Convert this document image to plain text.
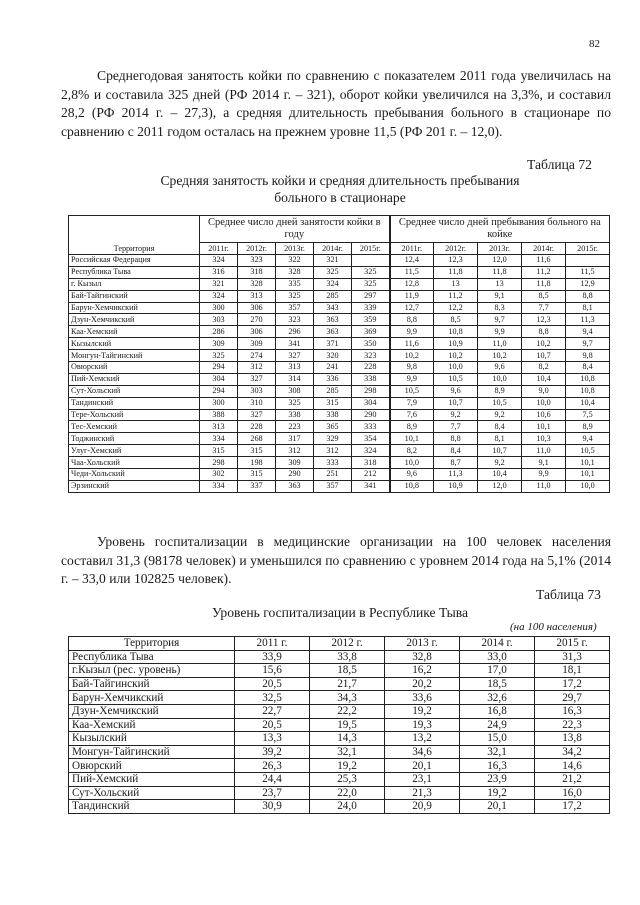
82

Среднегодовая занятость койки по сравнению с показателем 2011 года увеличилась на 2,8% и составила 325 дней (РФ 2014 г. – 321), оборот койки увеличился на 3,3%, и составил 28,2 (РФ 2014 г. – 27,3), а средняя длительность пребывания больного в стационаре по сравнению с 2011 годом осталась на прежнем уровне 11,5 (РФ 201 г. – 12,0).

Таблица 72
Средняя занятость койки и средняя длительность пребывания
больного в стационаре
Территория	Среднее число дней занятости койки в году					Среднее число дней пребывания больного на койке				
	2011г.	2012г.	2013г.	2014г.	2015г.	2011г.	2012г.	2013г.	2014г.	2015г.
Российская Федерация	324	323	322	321		12,4	12,3	12,0	11,6	
Республика Тыва	316	318	328	325	325	11,5	11,8	11,8	11,2	11,5
г. Кызыл	321	328	335	324	325	12,8	13	13	11,8	12,9
Бай-Тайгинский	324	313	325	285	297	11,9	11,2	9,1	8,5	8,8
Барун-Хемчикский	300	306	357	343	339	12,7	12,2	8,3	7,7	8,1
Дзун-Хемчикский	303	270	323	363	359	8,8	8,5	9,7	12,3	11,3
Каа-Хемский	286	306	296	363	369	9,9	10,8	9,9	8,8	9,4
Кызылский	309	309	341	371	350	11,6	10,9	11,0	10,2	9,7
Монгун-Тайгинский	325	274	327	320	323	10,2	10,2	10,2	10,7	9,8
Овюрский	294	312	313	241	228	9,8	10,0	9,6	8,2	8,4
Пий-Хемский	304	327	314	336	338	9,9	10,5	10,0	10,4	10,8
Сут-Хольский	294	303	308	285	298	10,5	9,6	8,9	9,0	10,8
Тандинский	300	310	325	315	304	7,9	10,7	10,5	10,0	10,4
Тере-Хольский	388	327	338	338	290	7,6	9,2	9,2	10,6	7,5
Тес-Хемский	313	228	223	365	333	8,9	7,7	8,4	10,1	8,9
Тоджинский	334	268	317	329	354	10,1	8,8	8,1	10,3	9,4
Улуг-Хемский	315	315	312	312	324	8,2	8,4	10,7	11,0	10,5
Чаа-Хольский	298	198	309	333	318	10,0	8,7	9,2	9,1	10,1
Чеди-Хольский	302	315	290	251	212	9,6	11,3	10,4	9,9	10,1
Эрзинский	334	337	363	357	341	10,8	10,9	12,0	11,0	10,0

Уровень госпитализации в медицинские организации на 100 человек населения составил 31,3 (98178 человек) и уменьшился по сравнению с уровнем 2014 года на 5,1% (2014 г. – 33,0 или 102825 человек).

Таблица 73
Уровень госпитализации в Республике Тыва
(на 100 населения)
Территория	2011 г.	2012 г.	2013 г.	2014 г.	2015 г.
Республика Тыва	33,9	33,8	32,8	33,0	31,3
г.Кызыл (рес. уровень)	15,6	18,5	16,2	17,0	18,1
Бай-Тайгинский	20,5	21,7	20,2	18,5	17,2
Барун-Хемчикский	32,5	34,3	33,6	32,6	29,7
Дзун-Хемчикский	22,7	22,2	19,2	16,8	16,3
Каа-Хемский	20,5	19,5	19,3	24,9	22,3
Кызылский	13,3	14,3	13,2	15,0	13,8
Монгун-Тайгинский	39,2	32,1	34,6	32,1	34,2
Овюрский	26,3	19,2	20,1	16,3	14,6
Пий-Хемский	24,4	25,3	23,1	23,9	21,2
Сут-Хольский	23,7	22,0	21,3	19,2	16,0
Тандинский	30,9	24,0	20,9	20,1	17,2
